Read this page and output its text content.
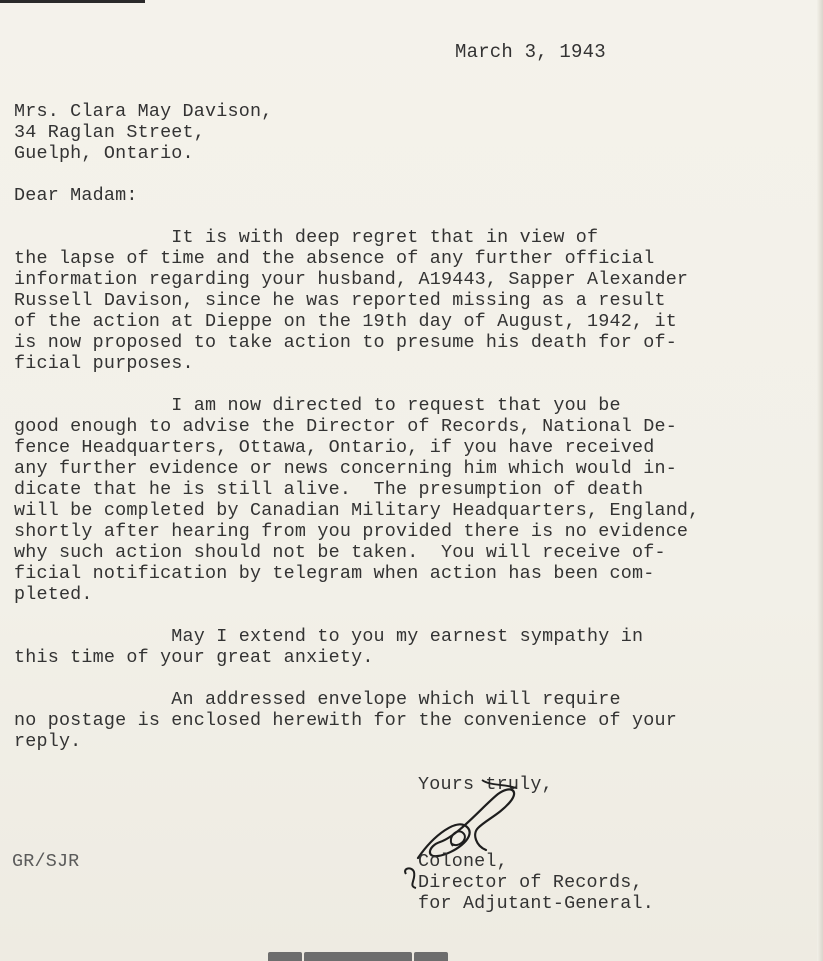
March 3, 1943
Mrs. Clara May Davison,
34 Raglan Street,
Guelph, Ontario.
Dear Madam:
It is with deep regret that in view of
the lapse of time and the absence of any further official
information regarding your husband, A19443, Sapper Alexander
Russell Davison, since he was reported missing as a result
of the action at Dieppe on the 19th day of August, 1942, it
is now proposed to take action to presume his death for of-
ficial purposes.
I am now directed to request that you be
good enough to advise the Director of Records, National De-
fence Headquarters, Ottawa, Ontario, if you have received
any further evidence or news concerning him which would in-
dicate that he is still alive.  The presumption of death
will be completed by Canadian Military Headquarters, England,
shortly after hearing from you provided there is no evidence
why such action should not be taken.  You will receive of-
ficial notification by telegram when action has been com-
pleted.
May I extend to you my earnest sympathy in
this time of your great anxiety.
An addressed envelope which will require
no postage is enclosed herewith for the convenience of your
reply.
Yours truly,
GR/SJR	Colonel,
Director of Records,
for Adjutant-General.
